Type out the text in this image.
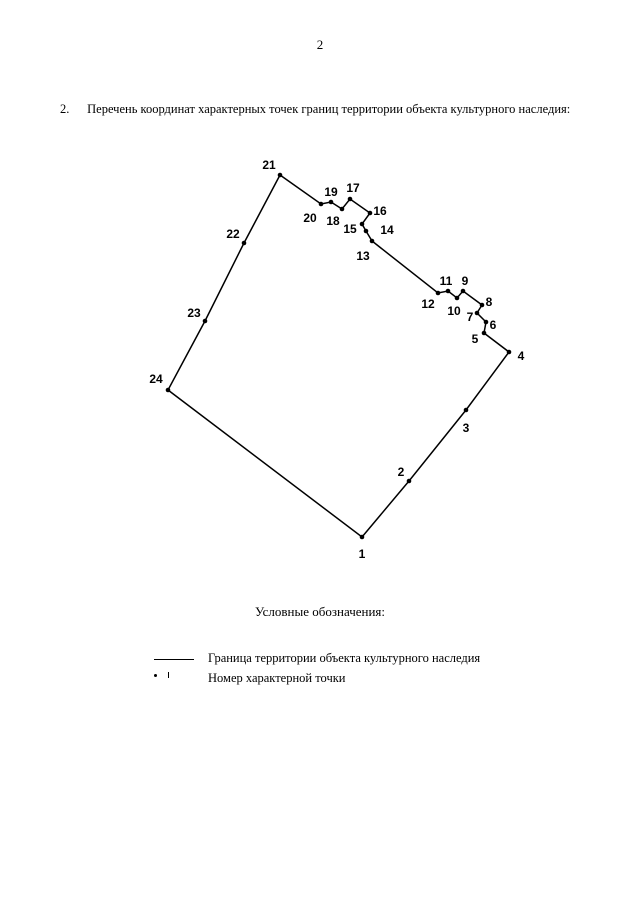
2
2. Перечень координат характерных точек границ территории объекта культурного наследия:
1
2
3
4
5
6
7
8
9
10
11
12
13
14
15
16
17
18
19
20
21
22
23
24
Условные обозначения:
Граница территории объекта культурного наследия
Номер характерной точки
